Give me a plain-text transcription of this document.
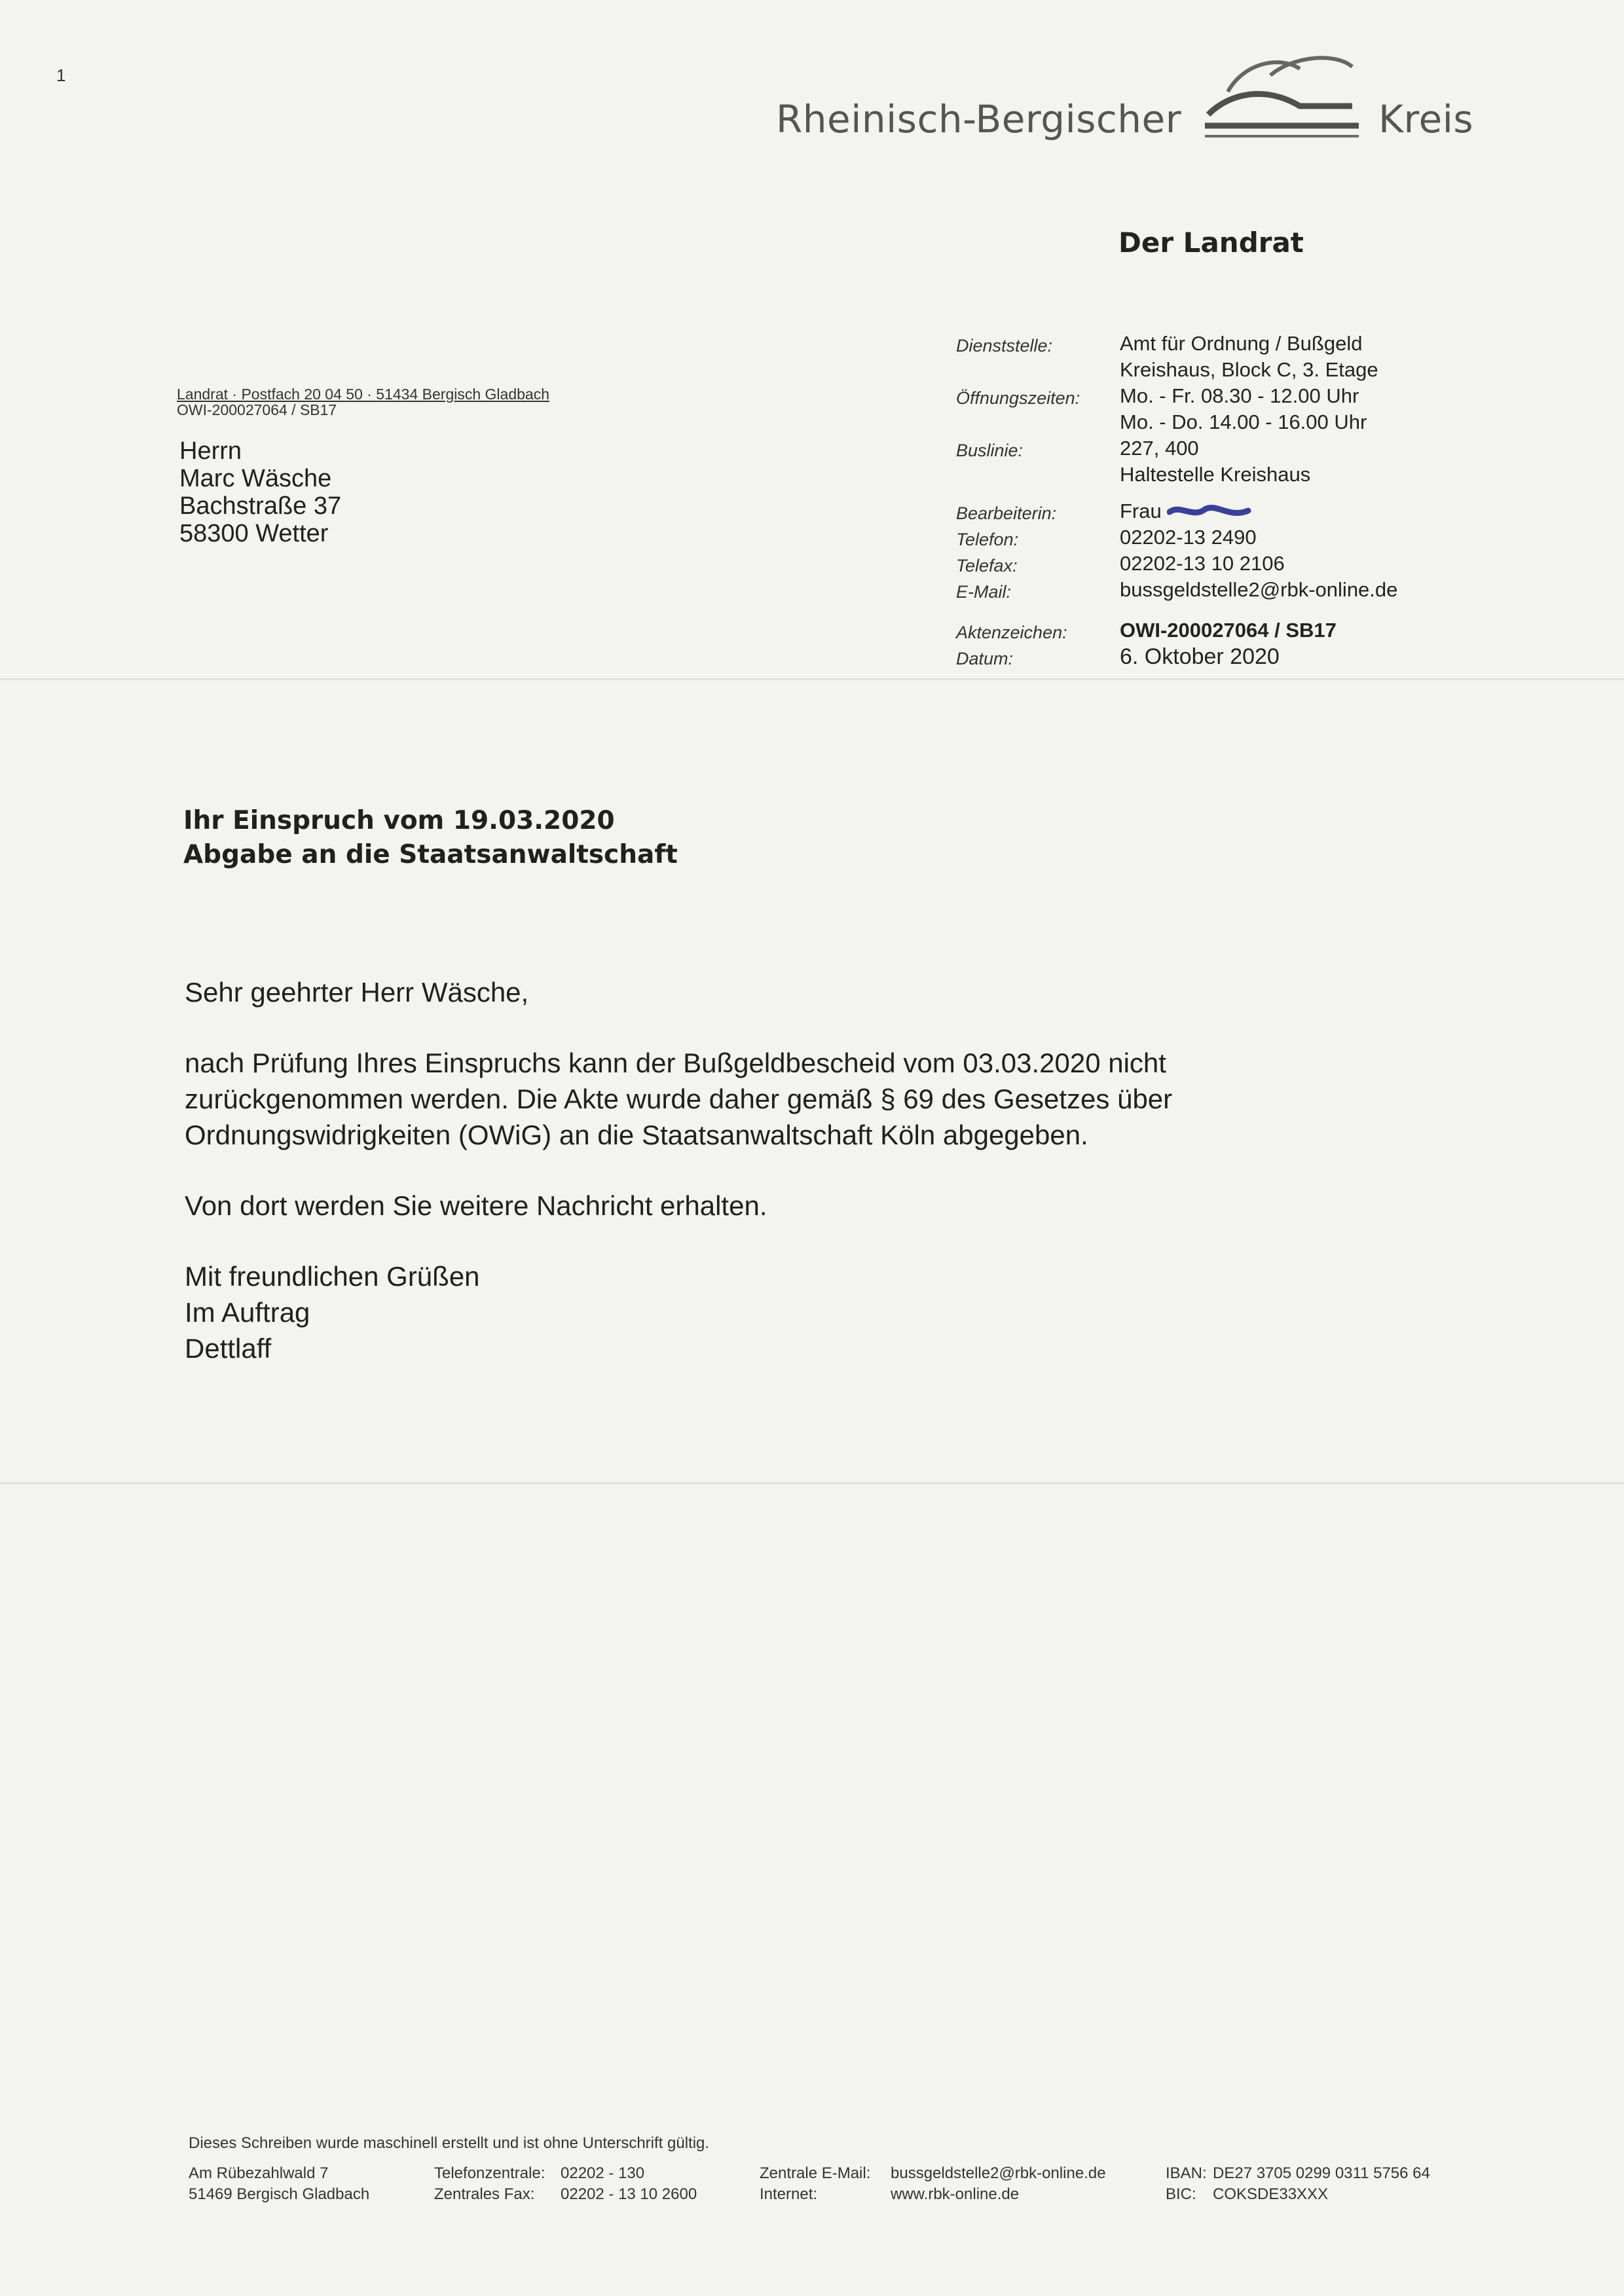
1
Rheinisch-Bergischer	Kreis
Der Landrat
Landrat · Postfach 20 04 50 · 51434 Bergisch Gladbach
OWI-200027064 / SB17
Herrn
Marc Wäsche
Bachstraße 37
58300 Wetter
Dienststelle:	Amt für Ordnung / Bußgeld
Kreishaus, Block C, 3. Etage
Öffnungszeiten:	Mo. - Fr. 08.30 - 12.00 Uhr
Mo. - Do. 14.00 - 16.00 Uhr
Buslinie:	227, 400
Haltestelle Kreishaus
Bearbeiterin:	Frau
Telefon:	02202-13 2490
Telefax:	02202-13 10 2106
E-Mail:	bussgeldstelle2@rbk-online.de
Aktenzeichen:	OWI-200027064 / SB17
Datum:	6. Oktober 2020
Ihr Einspruch vom 19.03.2020
Abgabe an die Staatsanwaltschaft

Sehr geehrter Herr Wäsche,

nach Prüfung Ihres Einspruchs kann der Bußgeldbescheid vom 03.03.2020 nicht
zurückgenommen werden. Die Akte wurde daher gemäß § 69 des Gesetzes über
Ordnungswidrigkeiten (OWiG) an die Staatsanwaltschaft Köln abgegeben.

Von dort werden Sie weitere Nachricht erhalten.

Mit freundlichen Grüßen
Im Auftrag
Dettlaff

Dieses Schreiben wurde maschinell erstellt und ist ohne Unterschrift gültig.
Am Rübezahlwald 7
51469 Bergisch Gladbach
Telefonzentrale: 02202 - 130
Zentrales Fax:	02202 - 13 10 2600
Zentrale E-Mail:	bussgeldstelle2@rbk-online.de
Internet:	www.rbk-online.de
IBAN: DE27 3705 0299 0311 5756 64
BIC:	COKSDE33XXX
